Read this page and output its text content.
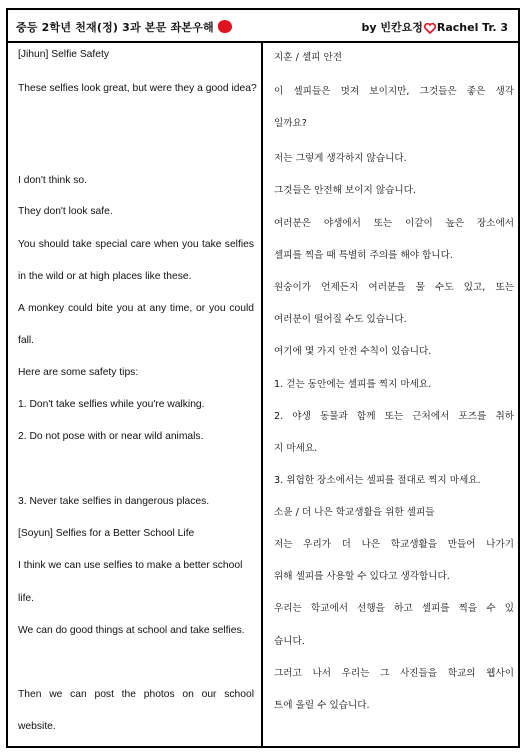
중등 2학년 천재(정) 3과 본문 좌본우해	by 빈칸요정 Rachel Tr. 3
[Jihun] Selfie Safety
These selfies look great, but were they a good idea?
I don't think so.
They don't look safe.
You should take special care when you take selfies
in the wild or at high places like these.
A monkey could bite you at any time, or you could
fall.
Here are some safety tips:
1. Don't take selfies while you're walking.
2. Do not pose with or near wild animals.
3. Never take selfies in dangerous places.
[Soyun] Selfies for a Better School Life
I think we can use selfies to make a better school
life.
We can do good things at school and take selfies.
Then we can post the photos on our school
website.
지훈 / 셀피 안전
이 셀피들은 멋져 보이지만, 그것들은 좋은 생각
일까요?
저는 그렇게 생각하지 않습니다.
그것들은 안전해 보이지 않습니다.
여러분은 야생에서 또는 이같이 높은 장소에서
셀피를 찍을 때 특별히 주의를 해야 합니다.
원숭이가 언제든지 여러분을 물 수도 있고, 또는
여러분이 떨어질 수도 있습니다.
여기에 몇 가지 안전 수칙이 있습니다.
1. 걷는 동안에는 셀피를 찍지 마세요.
2. 야생 동물과 함께 또는 근처에서 포즈를 취하
지 마세요.
3. 위험한 장소에서는 셀피를 절대로 찍지 마세요.
소윤 / 더 나은 학교생활을 위한 셀피들
저는 우리가 더 나은 학교생활을 만들어 나가기
위해 셀피를 사용할 수 있다고 생각합니다.
우리는 학교에서 선행을 하고 셀피를 찍을 수 있
습니다.
그러고 나서 우리는 그 사진들을 학교의 웹사이
트에 올릴 수 있습니다.
